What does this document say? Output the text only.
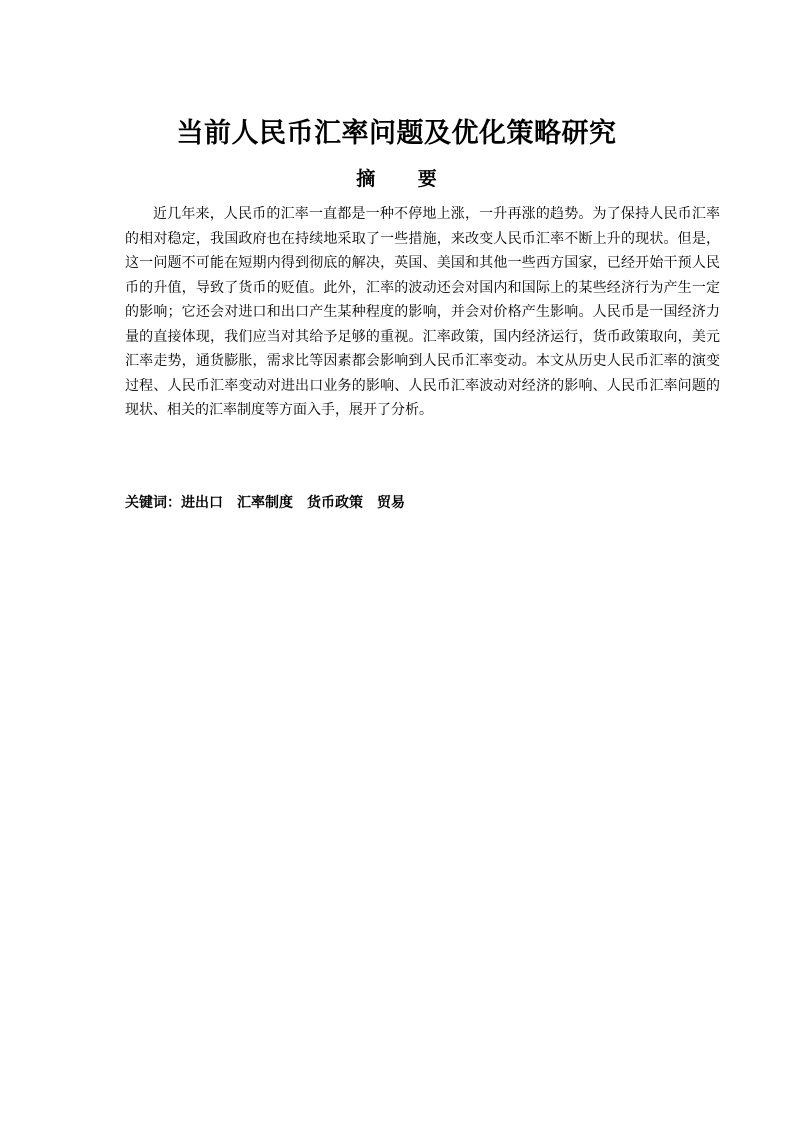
当前人民币汇率问题及优化策略研究
摘 要

近几年来，人民币的汇率一直都是一种不停地上涨，一升再涨的趋势。为了保持人民币汇率的相对稳定，我国政府也在持续地采取了一些措施，来改变人民币汇率不断上升的现状。但是，这一问题不可能在短期内得到彻底的解决，英国、美国和其他一些西方国家，已经开始干预人民币的升值，导致了货币的贬值。此外，汇率的波动还会对国内和国际上的某些经济行为产生一定的影响；它还会对进口和出口产生某种程度的影响，并会对价格产生影响。人民币是一国经济力量的直接体现，我们应当对其给予足够的重视。汇率政策，国内经济运行，货币政策取向，美元汇率走势，通货膨胀，需求比等因素都会影响到人民币汇率变动。本文从历史人民币汇率的演变过程、人民币汇率变动对进出口业务的影响、人民币汇率波动对经济的影响、人民币汇率问题的现状、相关的汇率制度等方面入手，展开了分析。

关键词：进出口 汇率制度 货币政策 贸易
